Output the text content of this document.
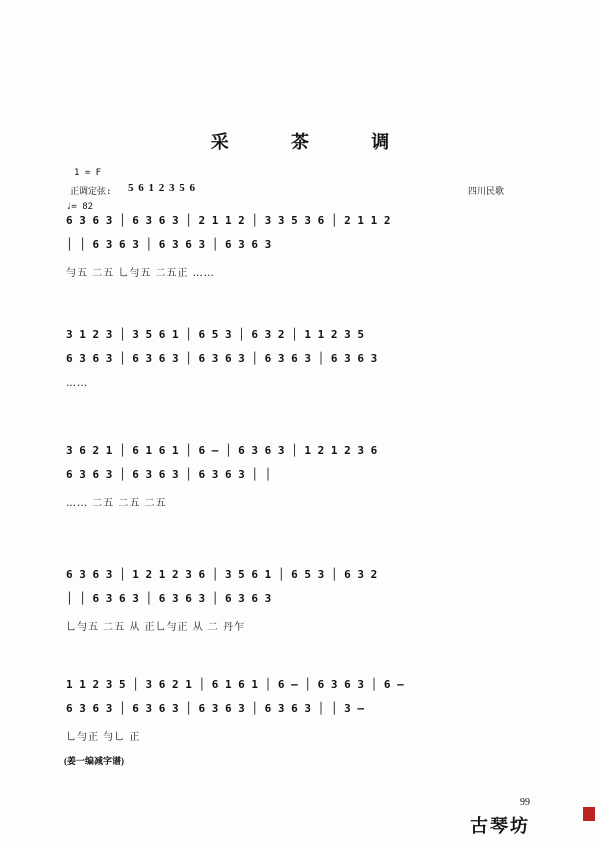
采 茶 调
1 = F
正调定弦: 5 6 1 2 3 5 6
♩= 82
四川民歌
6 3 6 3 │ 6 3 6 3 │ 2 1 1 2 │ 3 3 5 3 6 │ 2 1 1 2
│ │ 6 3 6 3 │ 6 3 6 3 │ 6 3 6 3
勻五 二五 乚勻五 二五正 ……
3 1 2 3 │ 3 5 6 1 │ 6 5 3 │ 6 3 2 │ 1 1 2 3 5
6 3 6 3 │ 6 3 6 3 │ 6 3 6 3 │ 6 3 6 3 │ 6 3 6 3
……
3 6 2 1 │ 6 1 6 1 │ 6 — │ 6 3 6 3 │ 1 2 1 2 3 6
6 3 6 3 │ 6 3 6 3 │ 6 3 6 3 │ │
…… 二五 二五 二五
6 3 6 3 │ 1 2 1 2 3 6 │ 3 5 6 1 │ 6 5 3 │ 6 3 2
│ │ 6 3 6 3 │ 6 3 6 3 │ 6 3 6 3
乚勻五 二五 从 正乚勻正 从 二 丹乍
1 1 2 3 5 │ 3 6 2 1 │ 6 1 6 1 │ 6 — │ 6 3 6 3 │ 6 —
6 3 6 3 │ 6 3 6 3 │ 6 3 6 3 │ 6 3 6 3 │ │ 3 —
乚勻正 勻乚 正
(姜一编减字谱)
99
古琴坊
